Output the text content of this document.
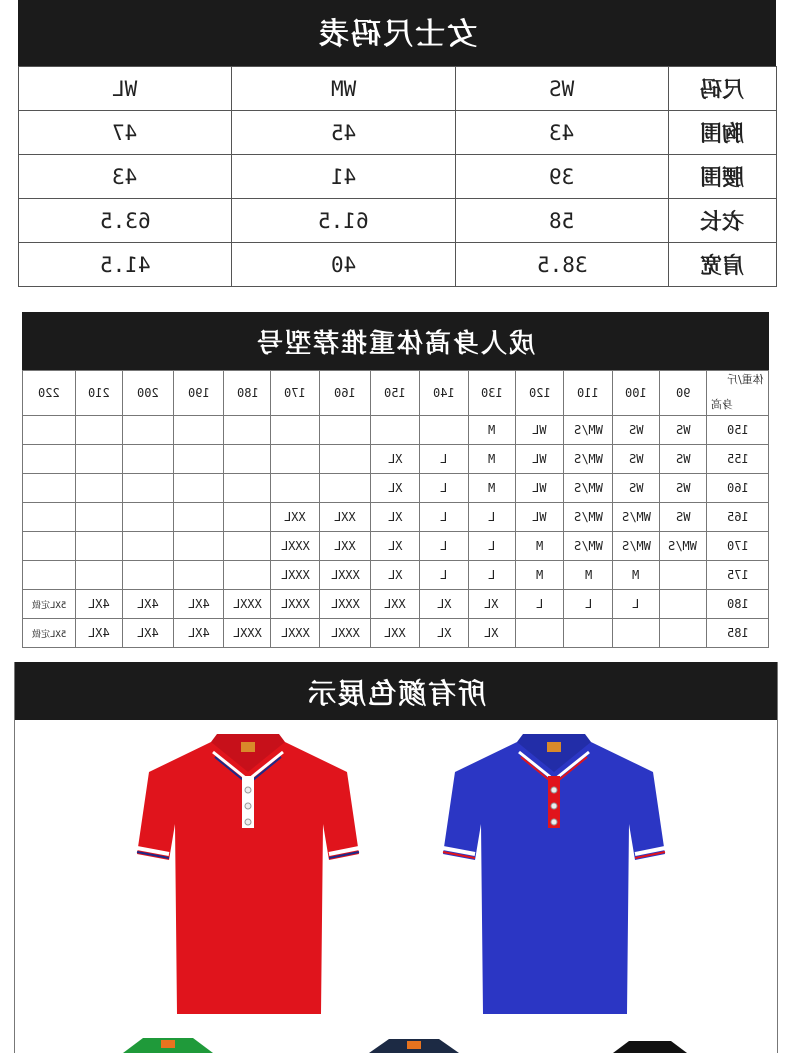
女士尺码表
WL	WM	WS	尺码
47	45	43	胸围
43	41	39	腰围
63.5	61.5	58	衣长
41.5	40	38.5	肩宽
成人身高体重推荐型号
220	210	200	190	180	170	160	150	140	130	120	110	100	90	体重/斤
身高

									M	WL	WM/S	WS	WS	150
							XL	L	M	WL	WM/S	WS	WS	155
							XL	L	M	WL	WM/S	WS	WS	160
					XXL	XXL	XL	L	L	WL	WM/S	WM/S	WS	165
					XXXL	XXL	XL	L	L	M	WM/S	WM/S	WM/S	170
					XXXL	XXXL	XL	L	L	M	M	M		175
5XL定做	4XL	4XL	4XL	XXXL	XXXL	XXXL	XXL	XL	XL	L	L	L		180
5XL定做	4XL	4XL	4XL	XXXL	XXXL	XXXL	XXL	XL	XL					185
所有颜色展示
